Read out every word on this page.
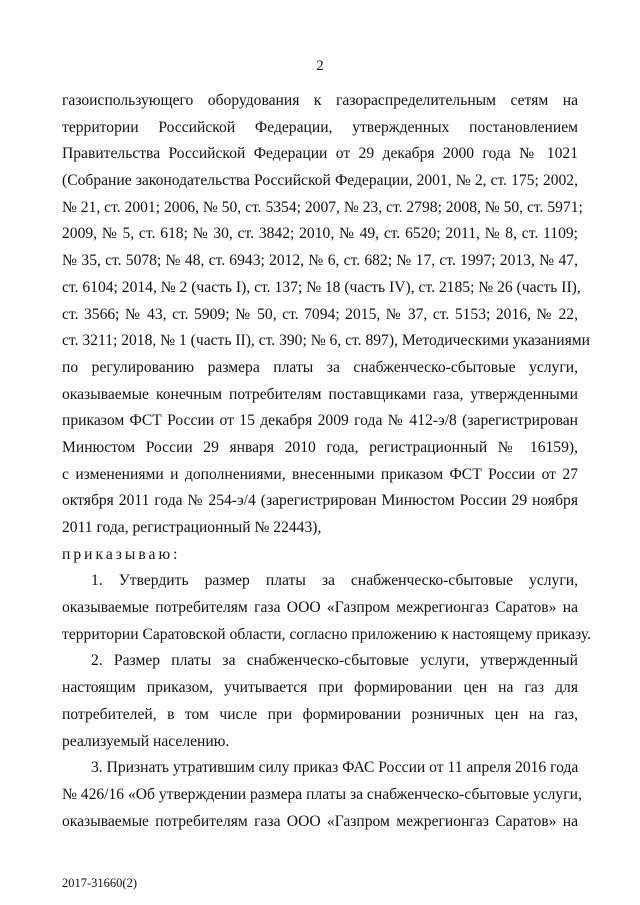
2
газоиспользующего оборудования к газораспределительным сетям на
территории Российской Федерации, утвержденных постановлением
Правительства Российской Федерации от 29 декабря 2000 года № 1021
(Собрание законодательства Российской Федерации, 2001, № 2, ст. 175; 2002,
№ 21, ст. 2001; 2006, № 50, ст. 5354; 2007, № 23, ст. 2798; 2008, № 50, ст. 5971;
2009, № 5, ст. 618; № 30, ст. 3842; 2010, № 49, ст. 6520; 2011, № 8, ст. 1109;
№ 35, ст. 5078; № 48, ст. 6943; 2012, № 6, ст. 682; № 17, ст. 1997; 2013, № 47,
ст. 6104; 2014, № 2 (часть I), ст. 137; № 18 (часть IV), ст. 2185; № 26 (часть II),
ст. 3566; № 43, ст. 5909; № 50, ст. 7094; 2015, № 37, ст. 5153; 2016, № 22,
ст. 3211; 2018, № 1 (часть II), ст. 390; № 6, ст. 897), Методическими указаниями
по регулированию размера платы за снабженческо-сбытовые услуги,
оказываемые конечным потребителям поставщиками газа, утвержденными
приказом ФСТ России от 15 декабря 2009 года № 412-э/8 (зарегистрирован
Минюстом России 29 января 2010 года, регистрационный № 16159),
с изменениями и дополнениями, внесенными приказом ФСТ России от 27
октября 2011 года № 254-э/4 (зарегистрирован Минюстом России 29 ноября
2011 года, регистрационный № 22443),
приказываю:
1. Утвердить размер платы за снабженческо-сбытовые услуги,
оказываемые потребителям газа ООО «Газпром межрегионгаз Саратов» на
территории Саратовской области, согласно приложению к настоящему приказу.
2. Размер платы за снабженческо-сбытовые услуги, утвержденный
настоящим приказом, учитывается при формировании цен на газ для
потребителей, в том числе при формировании розничных цен на газ,
реализуемый населению.
3. Признать утратившим силу приказ ФАС России от 11 апреля 2016 года
№ 426/16 «Об утверждении размера платы за снабженческо-сбытовые услуги,
оказываемые потребителям газа ООО «Газпром межрегионгаз Саратов» на
2017-31660(2)
